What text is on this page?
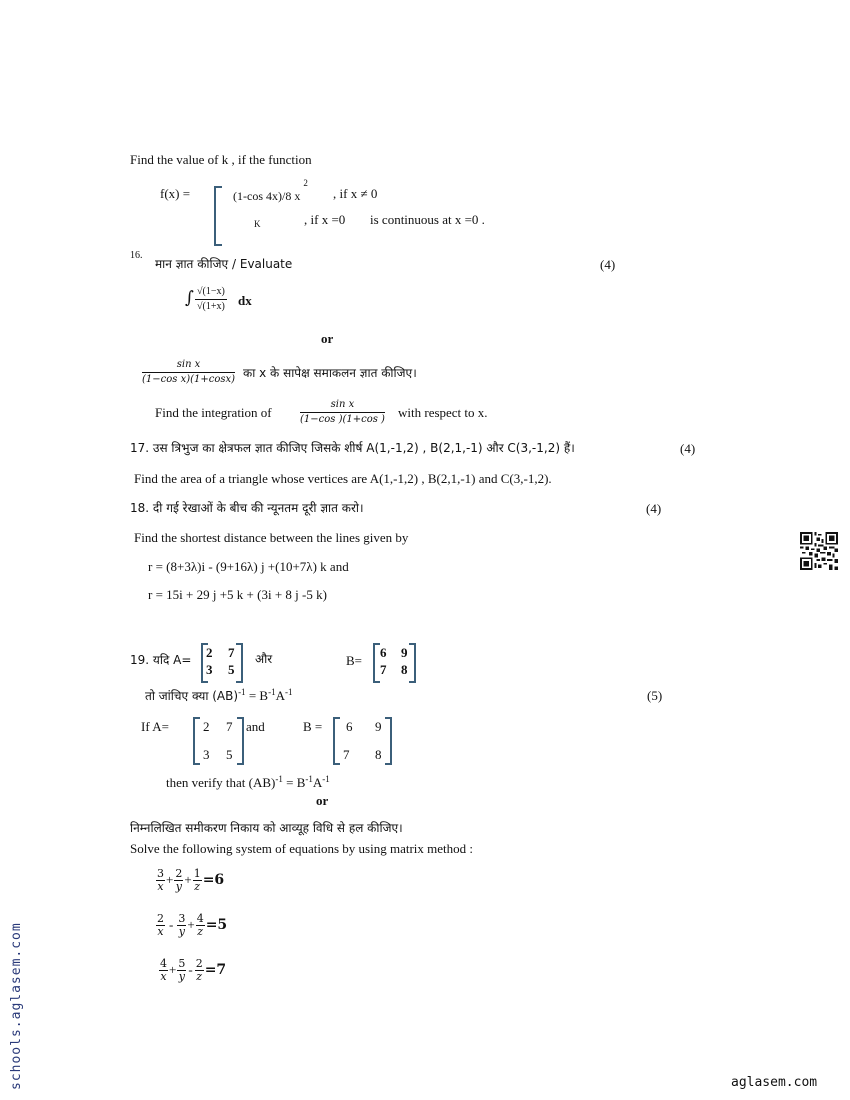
Find the value of k , if the function
f(x) =	(1-cos 4x)/8 $x^2$
, if x ≠ 0
K	, if x =0 is continuous at x =0 .
16.
मान ज्ञात कीजिए / Evaluate	(4)
∫ $\frac{√(1-x)}{√(1+x)}$ dx
or
$\frac{\text{sin x}}{\text{(1−cos x)(1+cosx)}}$ का x के सापेक्ष समाकलन ज्ञात कीजिए।
Find the integration of	$\frac{\text{sin x}}{(1-\cos )(1+\cos )}$ with respect to x.
17. उस त्रिभुज का क्षेत्रफल ज्ञात कीजिए जिसके शीर्ष A(1,-1,2) , B(2,1,-1) और C(3,-1,2) हैं।	(4)
Find the area of a triangle whose vertices are A(1,-1,2) , B(2,1,-1) and C(3,-1,2).
18. दी गई रेखाओं के बीच की न्यूनतम दूरी ज्ञात करो।	(4)
Find the shortest distance between the lines given by
r = (8+3λ)i - (9+16λ) j +(10+7λ) k and
r = 15i + 29 j +5 k + (3i + 8 j -5 k)
19. यदि A= 2 7
3 5
और	B=
6 9
7 8
तो जांचिए क्या $(AB)^{-1} = B^{-1}A^{-1}$	(5)
If A=	2 7
3 5
and	B = 6 9
7 8
then verify that $(AB)^{-1} = B^{-1}A^{-1}$
or
निम्नलिखित समीकरण निकाय को आव्यूह विधि से हल कीजिए।
Solve the following system of equations by using matrix method :
$\frac{3}{x} + \frac{2}{y} + \frac{1}{z} =6$
$\frac{2}{x} - \frac{3}{y} + \frac{4}{z} =5$
$\frac{4}{x} + \frac{5}{y} - \frac{2}{z} =7$
schools.aglasem.com	aglasem.com
